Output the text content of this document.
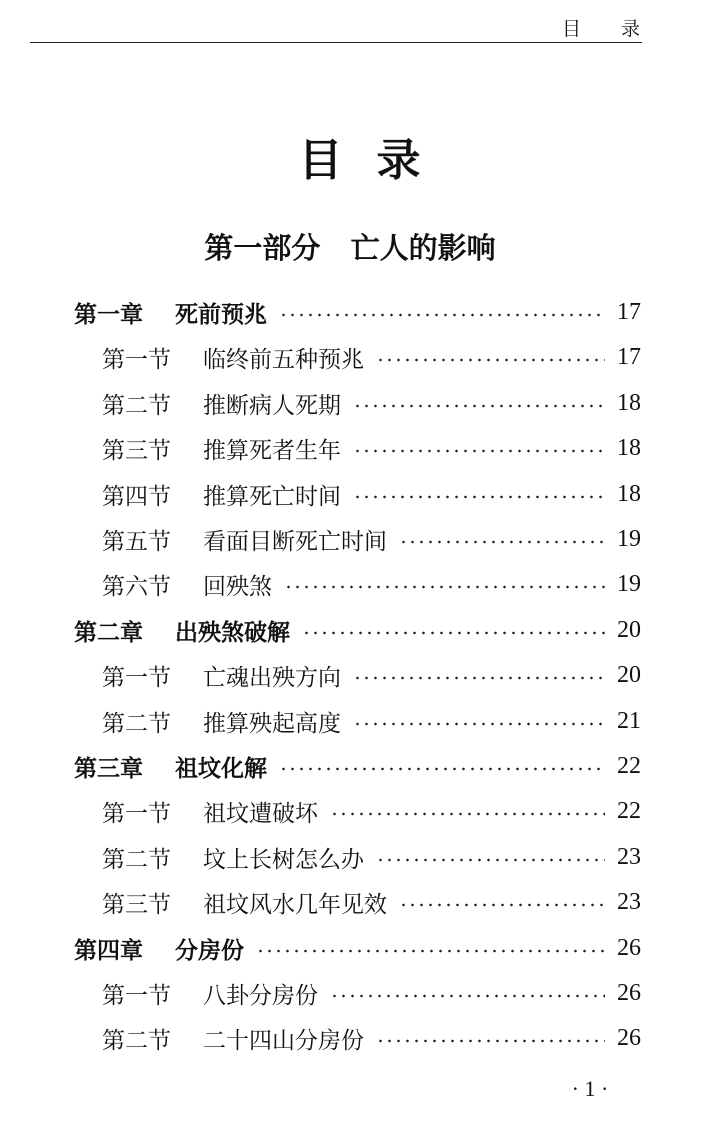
目录
目录
第一部分 亡人的影响
第一章 死前预兆	17
第一节 临终前五种预兆	17
第二节 推断病人死期	18
第三节 推算死者生年	18
第四节 推算死亡时间	18
第五节 看面目断死亡时间	19
第六节 回殃煞	19
第二章 出殃煞破解	20
第一节 亡魂出殃方向	20
第二节 推算殃起高度	21
第三章 祖坟化解	22
第一节 祖坟遭破坏	22
第二节 坟上长树怎么办	23
第三节 祖坟风水几年见效	23
第四章 分房份	26
第一节 八卦分房份	26
第二节 二十四山分房份	26
· 1 ·
